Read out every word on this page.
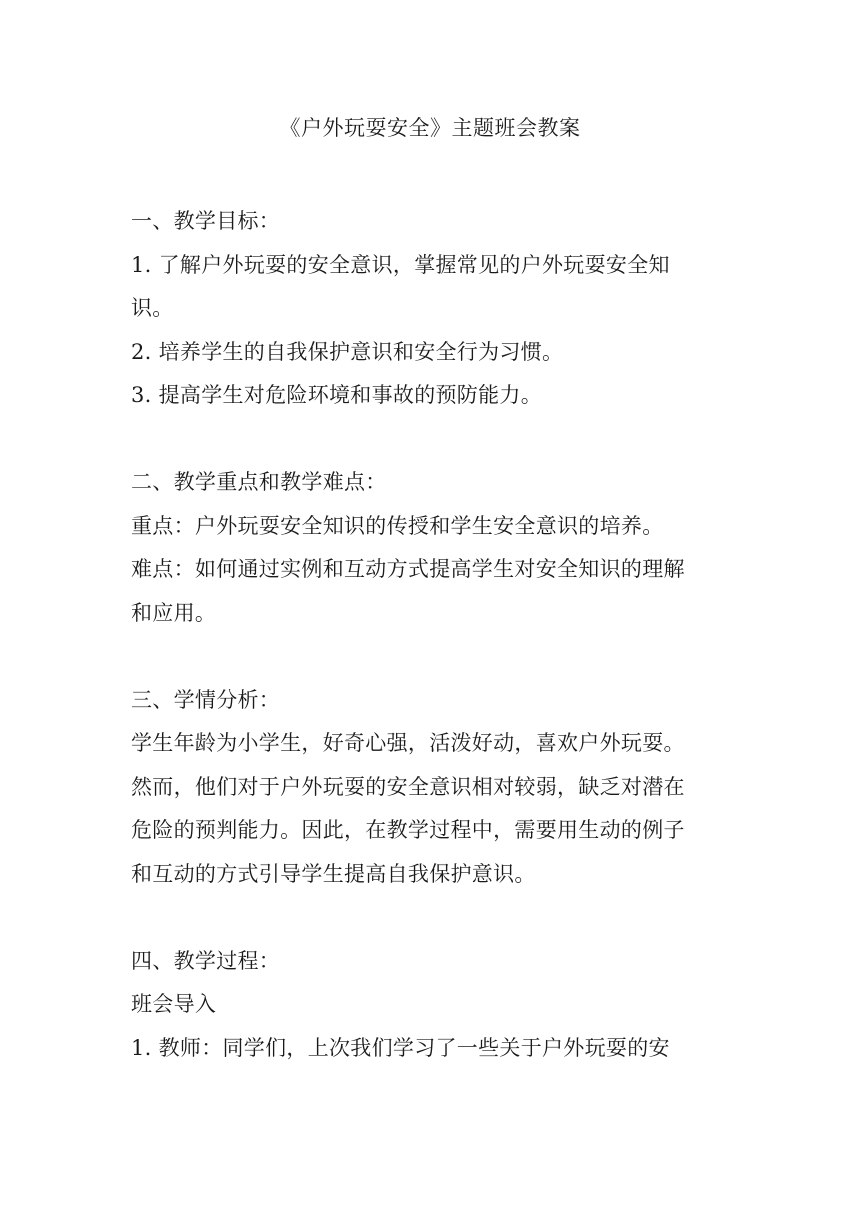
《户外玩耍安全》主题班会教案
一、教学目标：
1. 了解户外玩耍的安全意识，掌握常见的户外玩耍安全知
识。
2. 培养学生的自我保护意识和安全行为习惯。
3. 提高学生对危险环境和事故的预防能力。
二、教学重点和教学难点：
重点：户外玩耍安全知识的传授和学生安全意识的培养。
难点：如何通过实例和互动方式提高学生对安全知识的理解
和应用。
三、学情分析：
学生年龄为小学生，好奇心强，活泼好动，喜欢户外玩耍。
然而，他们对于户外玩耍的安全意识相对较弱，缺乏对潜在
危险的预判能力。因此，在教学过程中，需要用生动的例子
和互动的方式引导学生提高自我保护意识。
四、教学过程：
班会导入
1. 教师：同学们，上次我们学习了一些关于户外玩耍的安
